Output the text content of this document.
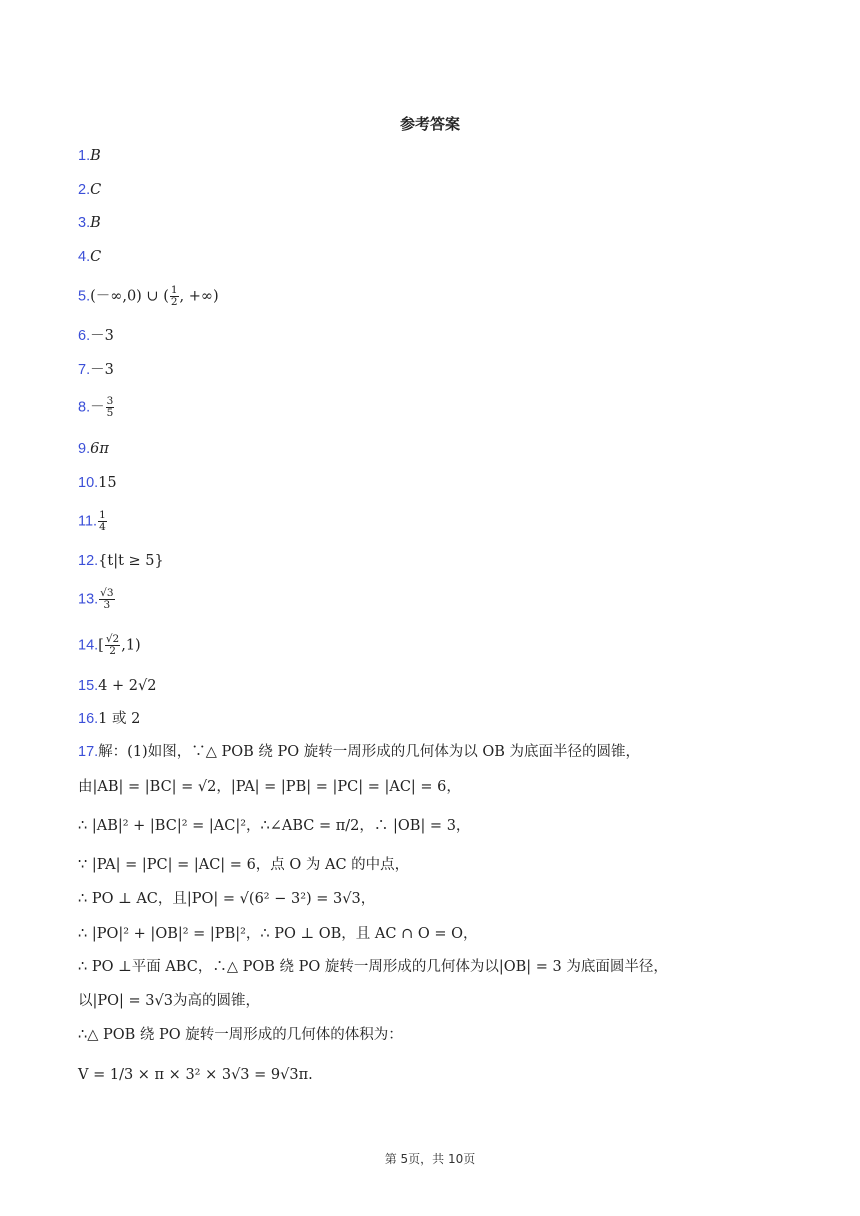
参考答案
1.B
2.C
3.B
4.C
5.(－∞,0) ∪ ( $\frac{1}{2}$ , +∞)
6.－3
7.－3
$8.- \frac{3}{5}$
9.6π
10.15
11. $\frac{1}{4}$
12.{t|t ≥ 5}
13. $\frac{√3}{3}$
$14.[ \frac{√2}{2} ,1)$
15.4 + 2√2
16.1 或 2
17.解：(1)如图，∵△ POB 绕 PO 旋转一周形成的几何体为以 OB 为底面半径的圆锥，
由|AB| = |BC| = √2，|PA| = |PB| = |PC| = |AC| = 6，
∴ |AB|² + |BC|² = |AC|²，∴∠ABC = π/2，∴ |OB| = 3，
∵ |PA| = |PC| = |AC| = 6，点 O 为 AC 的中点，
∴ PO ⊥ AC，且|PO| = √(6² − 3²) = 3√3，
∴ |PO|² + |OB|² = |PB|²，∴ PO ⊥ OB，且 AC ∩ O = O，
∴ PO ⊥平面 ABC，∴△ POB 绕 PO 旋转一周形成的几何体为以|OB| = 3 为底面圆半径，
以|PO| = 3√3为高的圆锥，
∴△ POB 绕 PO 旋转一周形成的几何体的体积为：
V = 1/3 × π × 3² × 3√3 = 9√3π.
第 5页，共 10页
